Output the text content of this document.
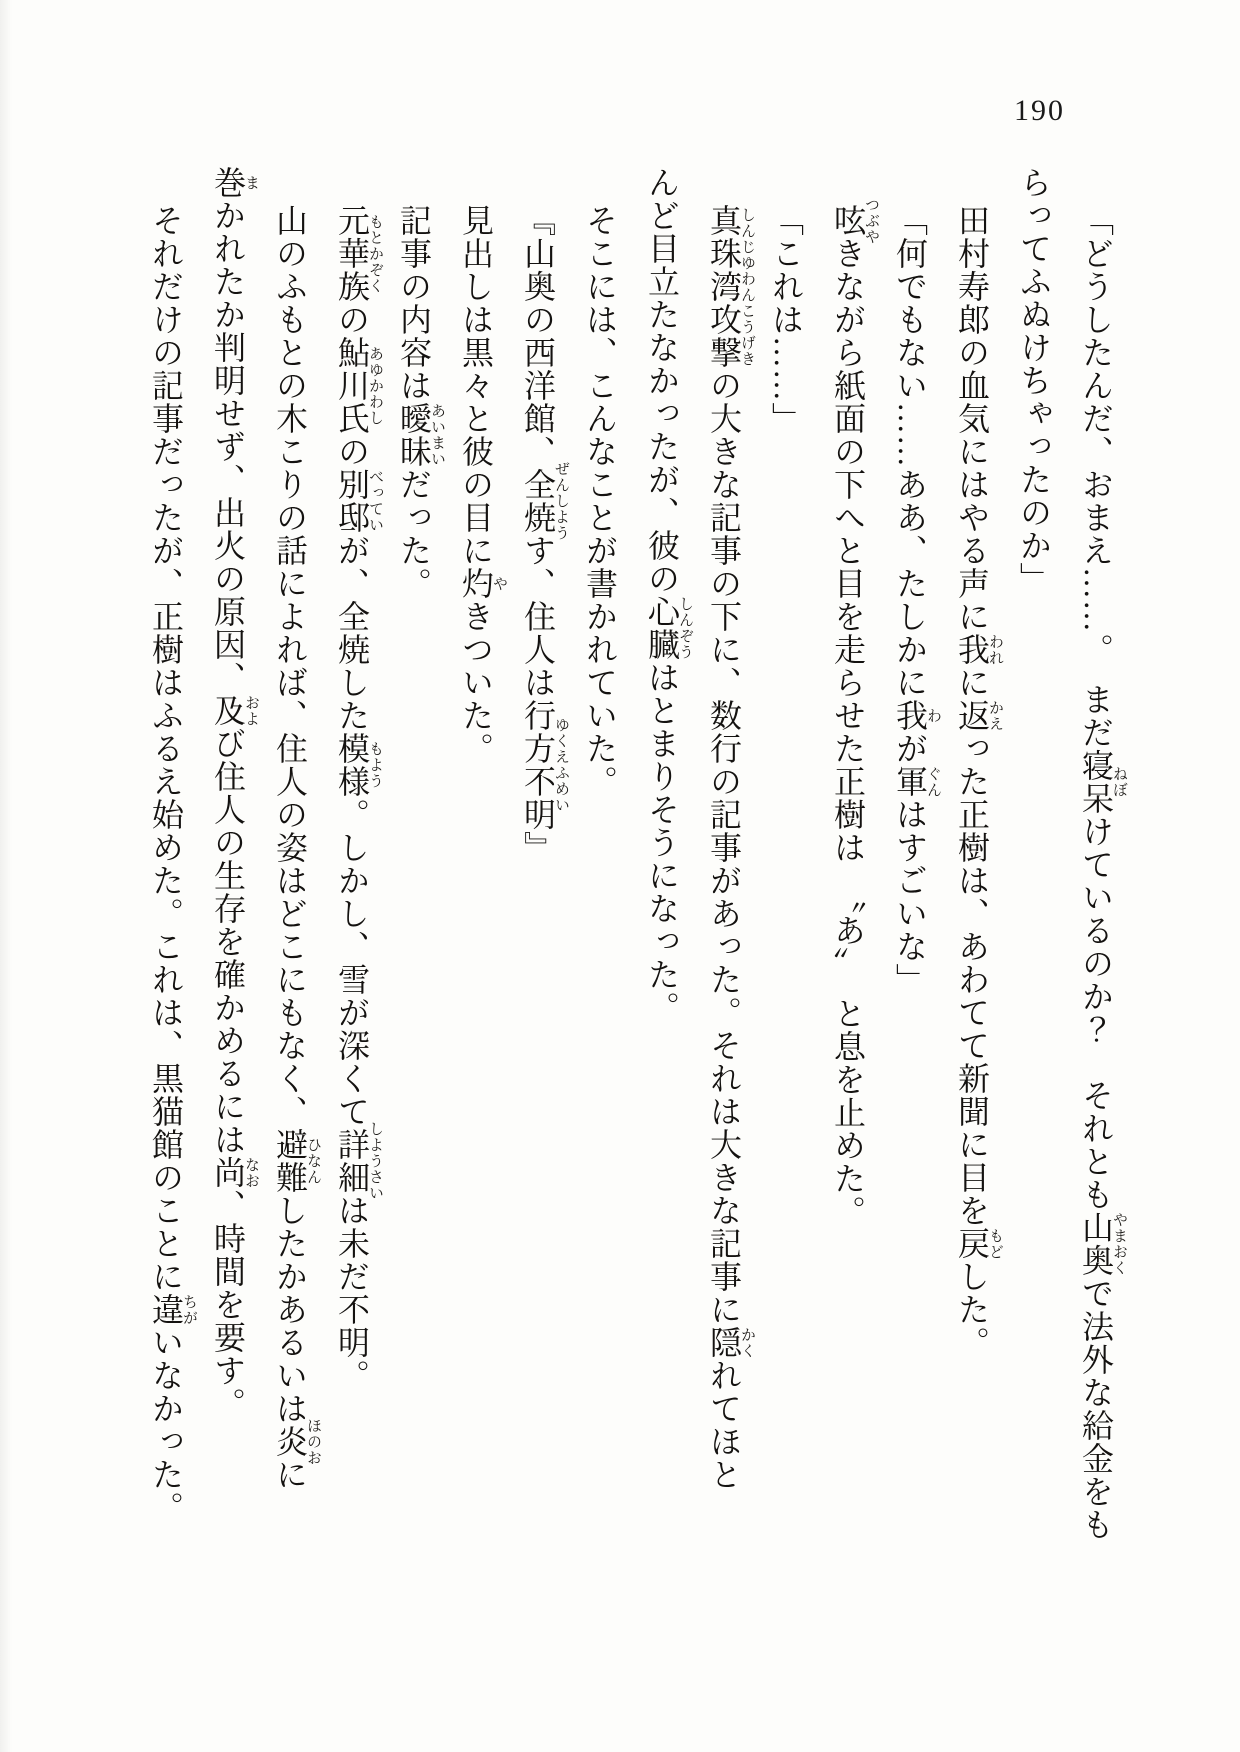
190

「どうしたんだ、おまえ……。　まだ寝呆
ねぼ
けているのか？　それとも山奥
やまおく
で法外な給金をもらってふぬけちゃったのか」

田村寿郎の血気にはやる声に我
われ
に返
かえ
った正樹は、あわてて新聞に目を戻
もど
した。

「何でもない……ああ、たしかに我
わ
が軍
ぐん
はすごいな」

呟
つぶや
きながら紙面の下へと目を走らせた正樹は　〝あ〞　と息を止めた。

「これは……」

真珠湾攻撃
しんじゆわんこうげき
の大きな記事の下に、数行の記事があった。それは大きな記事に隠
かく
れてほとんど目立たなかったが、彼の心臓
しんぞう
はとまりそうになった。

そこには、こんなことが書かれていた。

『山奥の西洋館、全焼
ぜんしよう
す、住人は行方不明
ゆくえふめい
』

見出しは黒々と彼の目に灼
や
きついた。

記事の内容は曖昧
あいまい
だった。

元華族
もとかぞく
の鮎川氏
あゆかわし
の別邸
べってい
が、全焼した模様
もよう
。しかし、雪が深くて詳細
しようさい
は未だ不明。

山のふもとの木こりの話によれば、住人の姿はどこにもなく、避難
ひなん
したかあるいは炎
ほのお
に巻
ま
かれたか判明せず、出火の原因、及
およ
び住人の生存を確かめるには尚
なお
、時間を要す。

それだけの記事だったが、正樹はふるえ始めた。これは、黒猫館のことに違
ちが
いなかった。
